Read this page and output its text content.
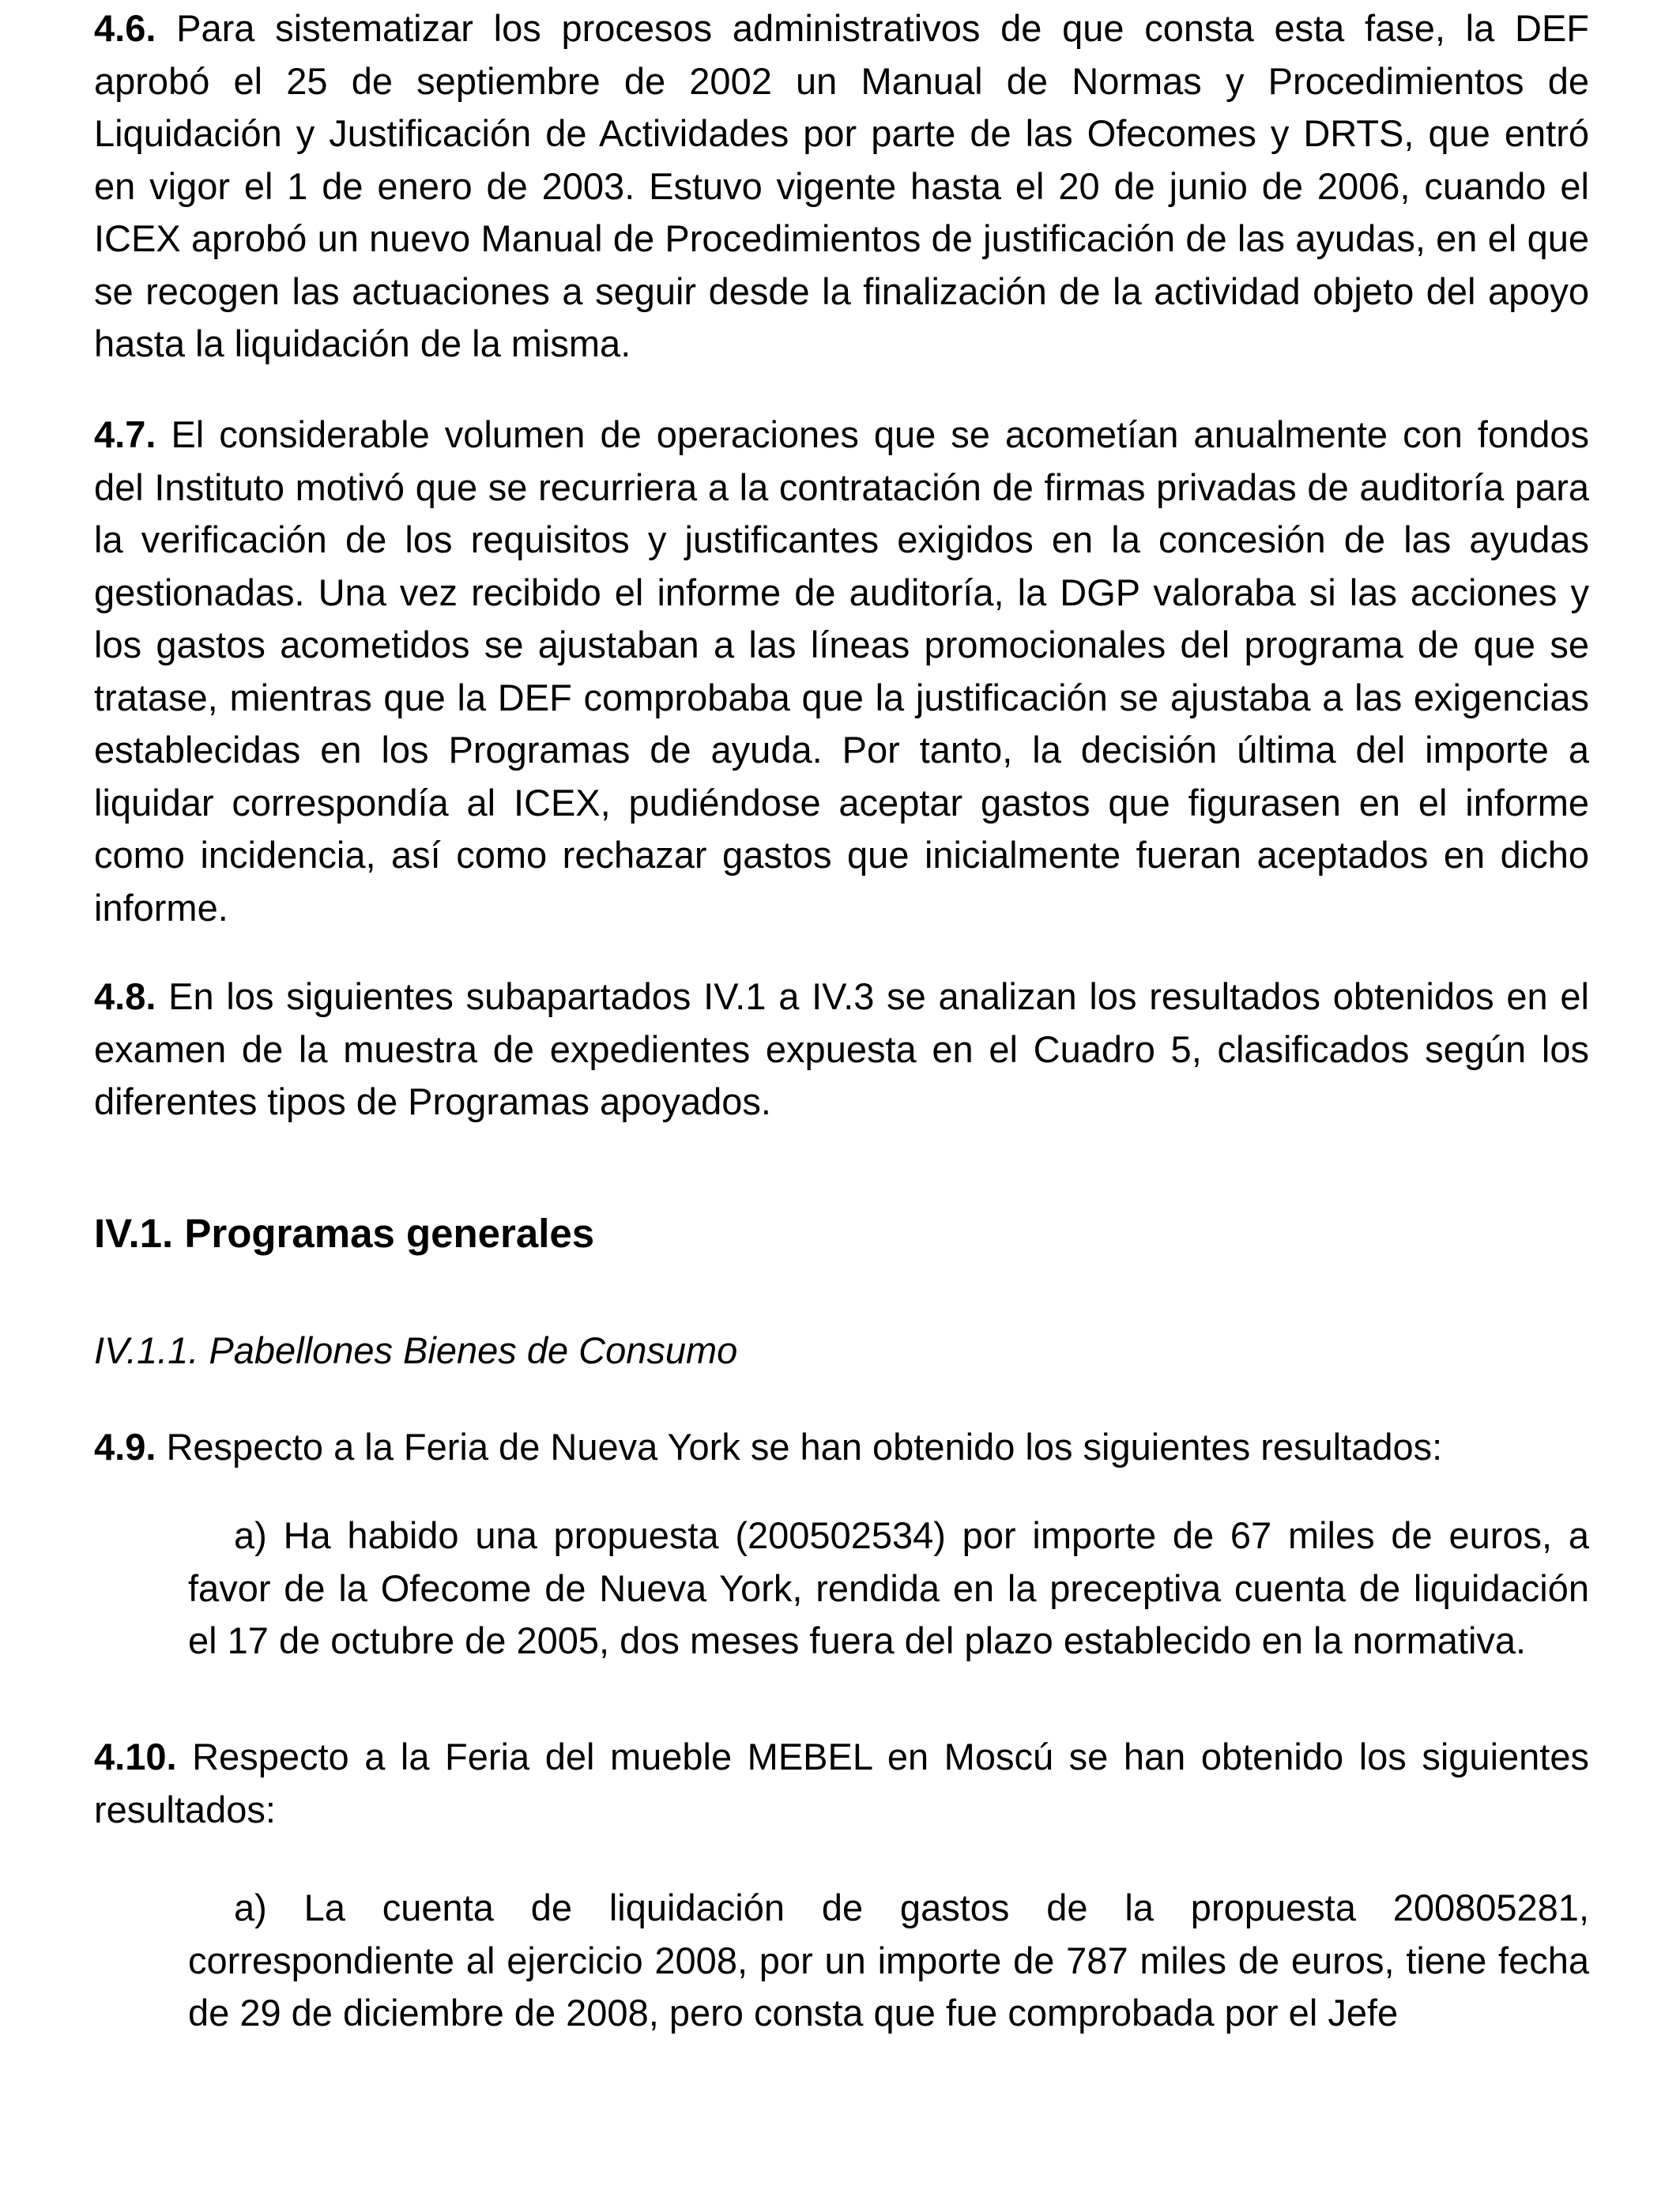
4.6. Para sistematizar los procesos administrativos de que consta esta fase, la DEF aprobó el 25 de septiembre de 2002 un Manual de Normas y Procedimientos de Liquidación y Justificación de Actividades por parte de las Ofecomes y DRTS, que entró en vigor el 1 de enero de 2003. Estuvo vigente hasta el 20 de junio de 2006, cuando el ICEX aprobó un nuevo Manual de Procedimientos de justificación de las ayudas, en el que se recogen las actuaciones a seguir desde la finalización de la actividad objeto del apoyo hasta la liquidación de la misma.

4.7. El considerable volumen de operaciones que se acometían anualmente con fondos del Instituto motivó que se recurriera a la contratación de firmas privadas de auditoría para la verificación de los requisitos y justificantes exigidos en la concesión de las ayudas gestionadas. Una vez recibido el informe de auditoría, la DGP valoraba si las acciones y los gastos acometidos se ajustaban a las líneas promocionales del programa de que se tratase, mientras que la DEF comprobaba que la justificación se ajustaba a las exigencias establecidas en los Programas de ayuda. Por tanto, la decisión última del importe a liquidar correspondía al ICEX, pudiéndose aceptar gastos que figurasen en el informe como incidencia, así como rechazar gastos que inicialmente fueran aceptados en dicho informe.

4.8. En los siguientes subapartados IV.1 a IV.3 se analizan los resultados obtenidos en el examen de la muestra de expedientes expuesta en el Cuadro 5, clasificados según los diferentes tipos de Programas apoyados.

IV.1. Programas generales
IV.1.1. Pabellones Bienes de Consumo

4.9. Respecto a la Feria de Nueva York se han obtenido los siguientes resultados:

a) Ha habido una propuesta (200502534) por importe de 67 miles de euros, a favor de la Ofecome de Nueva York, rendida en la preceptiva cuenta de liquidación el 17 de octubre de 2005, dos meses fuera del plazo establecido en la normativa.

4.10. Respecto a la Feria del mueble MEBEL en Moscú se han obtenido los siguientes resultados:

a) La cuenta de liquidación de gastos de la propuesta 200805281, correspondiente al ejercicio 2008, por un importe de 787 miles de euros, tiene fecha de 29 de diciembre de 2008, pero consta que fue comprobada por el Jefe
